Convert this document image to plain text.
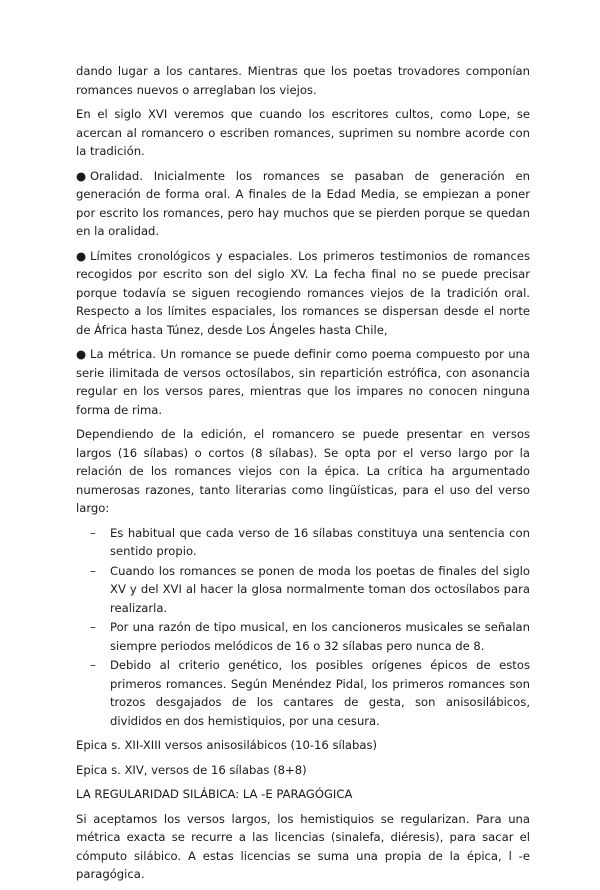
dando lugar a los cantares. Mientras que los poetas trovadores componían romances nuevos o arreglaban los viejos.

En el siglo XVI veremos que cuando los escritores cultos, como Lope, se acercan al romancero o escriben romances, suprimen su nombre acorde con la tradición.

● Oralidad. Inicialmente los romances se pasaban de generación en generación de forma oral. A finales de la Edad Media, se empiezan a poner por escrito los romances, pero hay muchos que se pierden porque se quedan en la oralidad.

● Límites cronológicos y espaciales. Los primeros testimonios de romances recogidos por escrito son del siglo XV. La fecha final no se puede precisar porque todavía se siguen recogiendo romances viejos de la tradición oral. Respecto a los límites espaciales, los romances se dispersan desde el norte de África hasta Túnez, desde Los Ángeles hasta Chile,

● La métrica. Un romance se puede definir como poema compuesto por una serie ilimitada de versos octosílabos, sin repartición estrófica, con asonancia regular en los versos pares, mientras que los impares no conocen ninguna forma de rima.

Dependiendo de la edición, el romancero se puede presentar en versos largos (16 sílabas) o cortos (8 sílabas). Se opta por el verso largo por la relación de los romances viejos con la épica. La crítica ha argumentado numerosas razones, tanto literarias como lingüísticas, para el uso del verso largo:

– Es habitual que cada verso de 16 sílabas constituya una sentencia con sentido propio.
– Cuando los romances se ponen de moda los poetas de finales del siglo XV y del XVI al hacer la glosa normalmente toman dos octosílabos para realizarla.
– Por una razón de tipo musical, en los cancioneros musicales se señalan siempre periodos melódicos de 16 o 32 sílabas pero nunca de 8.
– Debido al criterio genético, los posibles orígenes épicos de estos primeros romances. Según Menéndez Pidal, los primeros romances son trozos desgajados de los cantares de gesta, son anisosilábicos, divididos en dos hemistiquios, por una cesura.

Epica s. XII-XIII versos anisosilábicos (10-16 sílabas)

Epica s. XIV, versos de 16 sílabas (8+8)

LA REGULARIDAD SILÁBICA: LA -E PARAGÓGICA

Si aceptamos los versos largos, los hemistiquios se regularizan. Para una métrica exacta se recurre a las licencias (sinalefa, diéresis), para sacar el cómputo silábico. A estas licencias se suma una propia de la épica, l -e paragógica.
